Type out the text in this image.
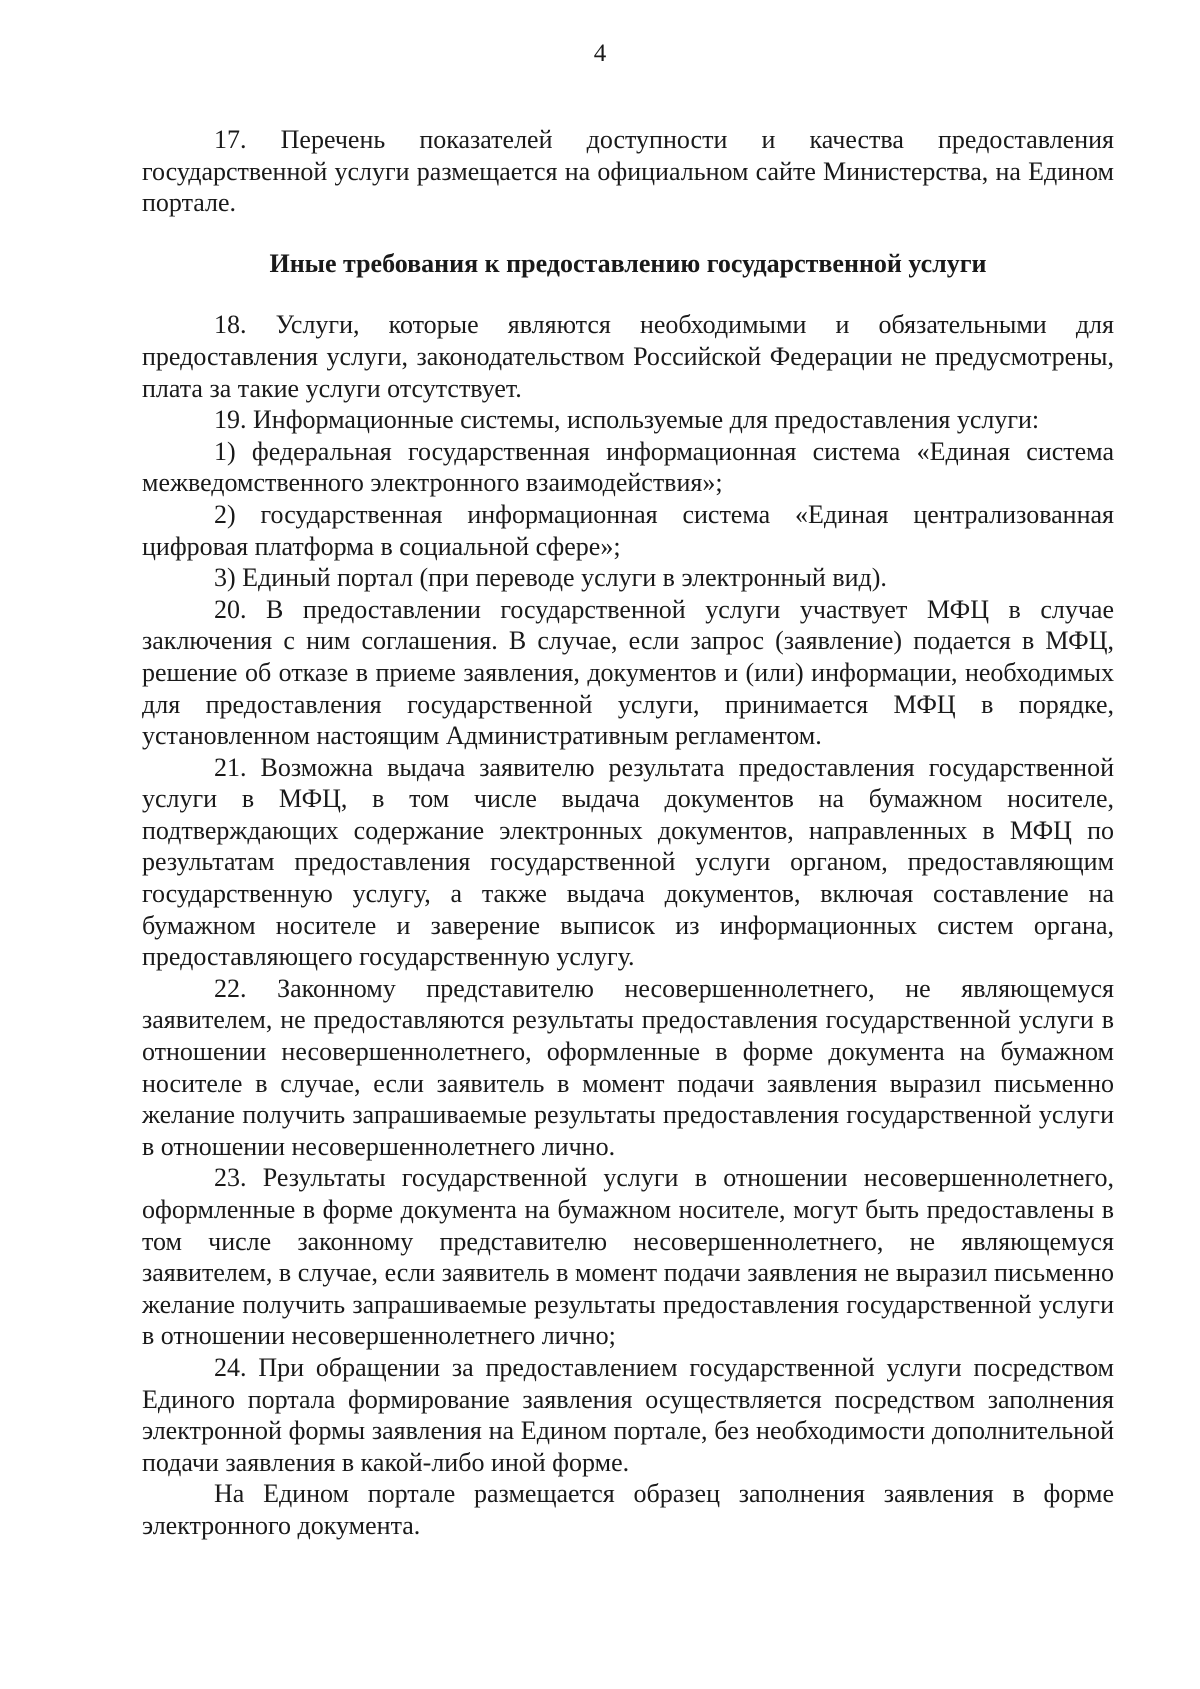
4

17. Перечень показателей доступности и качества предоставления государственной услуги размещается на официальном сайте Министерства, на Едином портале.

Иные требования к предоставлению государственной услуги

18. Услуги, которые являются необходимыми и обязательными для предоставления услуги, законодательством Российской Федерации не предусмотрены, плата за такие услуги отсутствует.

19. Информационные системы, используемые для предоставления услуги:

1) федеральная государственная информационная система «Единая система межведомственного электронного взаимодействия»;

2) государственная информационная система «Единая централизованная цифровая платформа в социальной сфере»;

3) Единый портал (при переводе услуги в электронный вид).

20. В предоставлении государственной услуги участвует МФЦ в случае заключения с ним соглашения. В случае, если запрос (заявление) подается в МФЦ, решение об отказе в приеме заявления, документов и (или) информации, необходимых для предоставления государственной услуги, принимается МФЦ в порядке, установленном настоящим Административным регламентом.

21. Возможна выдача заявителю результата предоставления государственной услуги в МФЦ, в том числе выдача документов на бумажном носителе, подтверждающих содержание электронных документов, направленных в МФЦ по результатам предоставления государственной услуги органом, предоставляющим государственную услугу, а также выдача документов, включая составление на бумажном носителе и заверение выписок из информационных систем органа, предоставляющего государственную услугу.

22. Законному представителю несовершеннолетнего, не являющемуся заявителем, не предоставляются результаты предоставления государственной услуги в отношении несовершеннолетнего, оформленные в форме документа на бумажном носителе в случае, если заявитель в момент подачи заявления выразил письменно желание получить запрашиваемые результаты предоставления государственной услуги в отношении несовершеннолетнего лично.

23. Результаты государственной услуги в отношении несовершеннолетнего, оформленные в форме документа на бумажном носителе, могут быть предоставлены в том числе законному представителю несовершеннолетнего, не являющемуся заявителем, в случае, если заявитель в момент подачи заявления не выразил письменно желание получить запрашиваемые результаты предоставления государственной услуги в отношении несовершеннолетнего лично;

24. При обращении за предоставлением государственной услуги посредством Единого портала формирование заявления осуществляется посредством заполнения электронной формы заявления на Едином портале, без необходимости дополнительной подачи заявления в какой-либо иной форме.

На Едином портале размещается образец заполнения заявления в форме электронного документа.
